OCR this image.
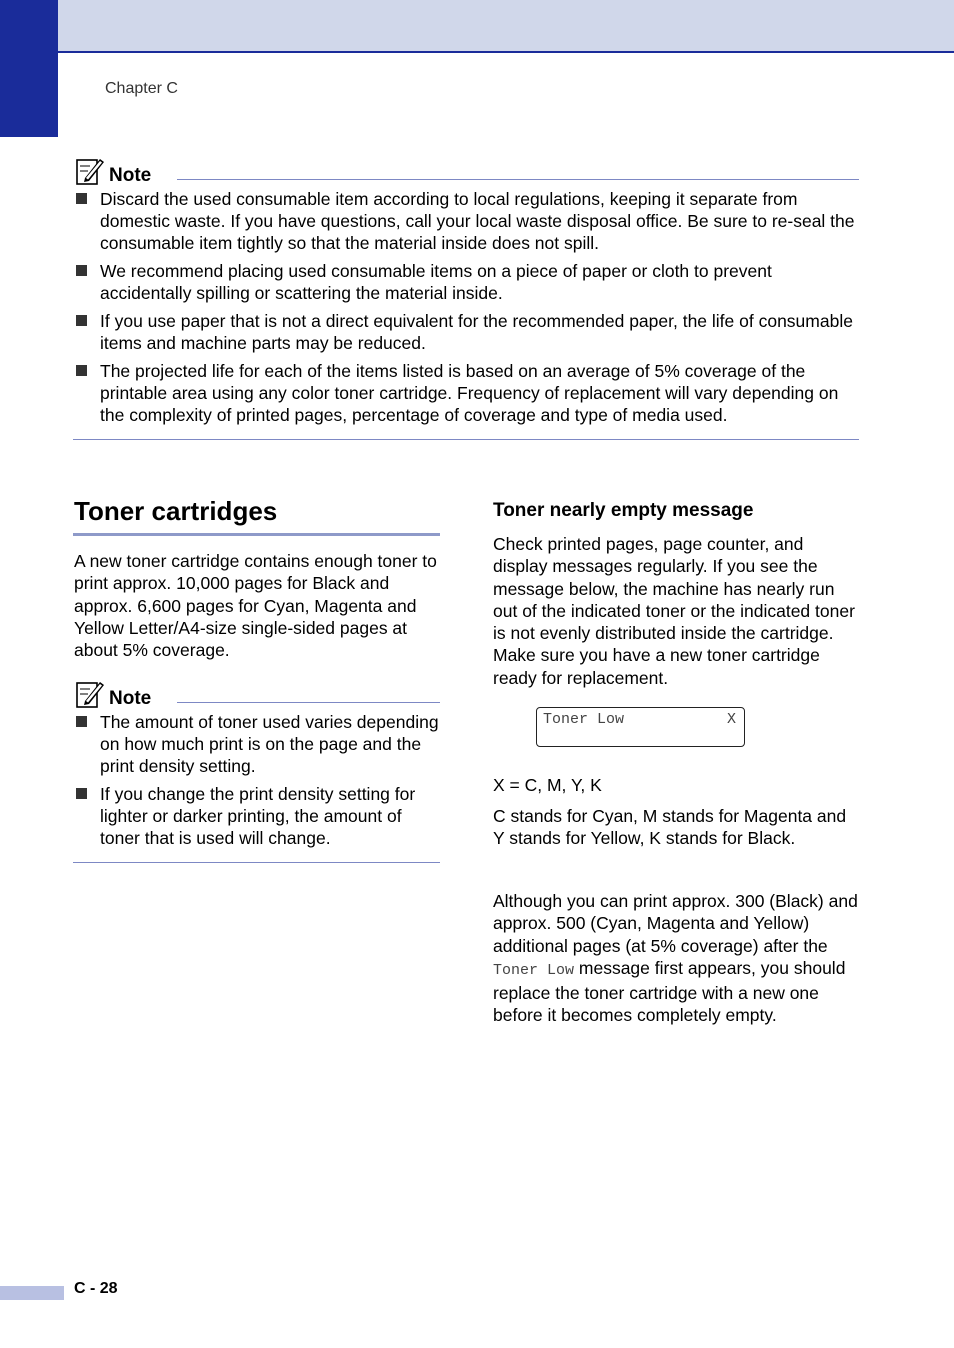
Chapter C
Note
Discard the used consumable item according to local regulations, keeping it separate from domestic waste. If you have questions, call your local waste disposal office. Be sure to re-seal the consumable item tightly so that the material inside does not spill.
We recommend placing used consumable items on a piece of paper or cloth to prevent accidentally spilling or scattering the material inside.
If you use paper that is not a direct equivalent for the recommended paper, the life of consumable items and machine parts may be reduced.
The projected life for each of the items listed is based on an average of 5% coverage of the printable area using any color toner cartridge. Frequency of replacement will vary depending on the complexity of printed pages, percentage of coverage and type of media used.
Toner cartridges

A new toner cartridge contains enough toner to print approx. 10,000 pages for Black and approx. 6,600 pages for Cyan, Magenta and Yellow Letter/A4-size single-sided pages at about 5% coverage.

Note
The amount of toner used varies depending on how much print is on the page and the print density setting.
If you change the print density setting for lighter or darker printing, the amount of toner that is used will change.
Toner nearly empty message

Check printed pages, page counter, and display messages regularly. If you see the message below, the machine has nearly run out of the indicated toner or the indicated toner is not evenly distributed inside the cartridge. Make sure you have a new toner cartridge ready for replacement.

Toner Low	X

X = C, M, Y, K

C stands for Cyan, M stands for Magenta and Y stands for Yellow, K stands for Black.

Although you can print approx. 300 (Black) and approx. 500 (Cyan, Magenta and Yellow) additional pages (at 5% coverage) after the
Toner Low message first appears, you should replace the toner cartridge with a new one before it becomes completely empty.

C - 28
